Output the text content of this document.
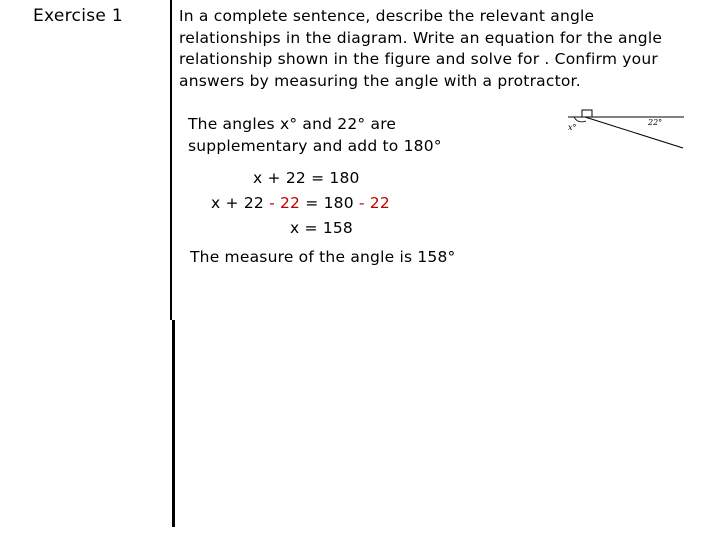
Exercise 1	In a complete sentence, describe the relevant angle
relationships in the diagram. Write an equation for the angle
relationship shown in the figure and solve for . Confirm your
answers by measuring the angle with a protractor.
The angles x° and 22° are
supplementary and add to 180°
x + 22 = 180
x + 22 - 22 = 180 - 22
x = 158
The measure of the angle is 158°
x°
22°
